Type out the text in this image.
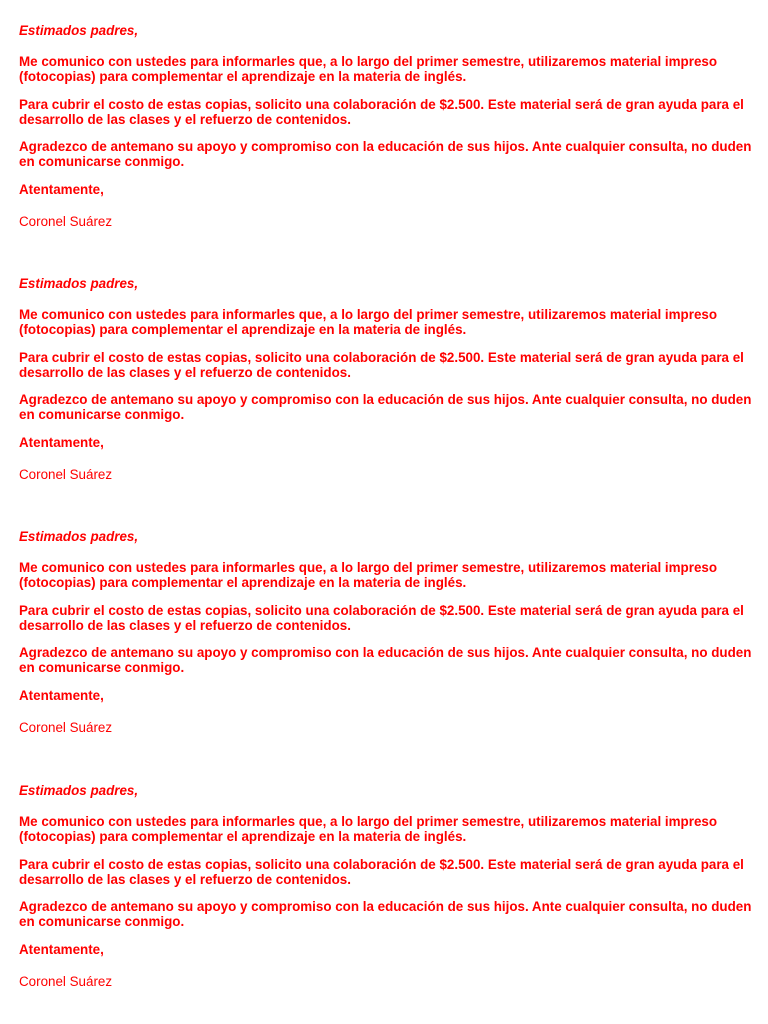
Estimados padres,

Me comunico con ustedes para informarles que, a lo largo del primer semestre, utilizaremos material impreso (fotocopias) para complementar el aprendizaje en la materia de inglés.

Para cubrir el costo de estas copias, solicito una colaboración de $2.500. Este material será de gran ayuda para el desarrollo de las clases y el refuerzo de contenidos.

Agradezco de antemano su apoyo y compromiso con la educación de sus hijos. Ante cualquier consulta, no duden en comunicarse conmigo.

Atentamente,

Coronel Suárez

Estimados padres,

Me comunico con ustedes para informarles que, a lo largo del primer semestre, utilizaremos material impreso (fotocopias) para complementar el aprendizaje en la materia de inglés.

Para cubrir el costo de estas copias, solicito una colaboración de $2.500. Este material será de gran ayuda para el desarrollo de las clases y el refuerzo de contenidos.

Agradezco de antemano su apoyo y compromiso con la educación de sus hijos. Ante cualquier consulta, no duden en comunicarse conmigo.

Atentamente,

Coronel Suárez

Estimados padres,

Me comunico con ustedes para informarles que, a lo largo del primer semestre, utilizaremos material impreso (fotocopias) para complementar el aprendizaje en la materia de inglés.

Para cubrir el costo de estas copias, solicito una colaboración de $2.500. Este material será de gran ayuda para el desarrollo de las clases y el refuerzo de contenidos.

Agradezco de antemano su apoyo y compromiso con la educación de sus hijos. Ante cualquier consulta, no duden en comunicarse conmigo.

Atentamente,

Coronel Suárez

Estimados padres,

Me comunico con ustedes para informarles que, a lo largo del primer semestre, utilizaremos material impreso (fotocopias) para complementar el aprendizaje en la materia de inglés.

Para cubrir el costo de estas copias, solicito una colaboración de $2.500. Este material será de gran ayuda para el desarrollo de las clases y el refuerzo de contenidos.

Agradezco de antemano su apoyo y compromiso con la educación de sus hijos. Ante cualquier consulta, no duden en comunicarse conmigo.

Atentamente,

Coronel Suárez
